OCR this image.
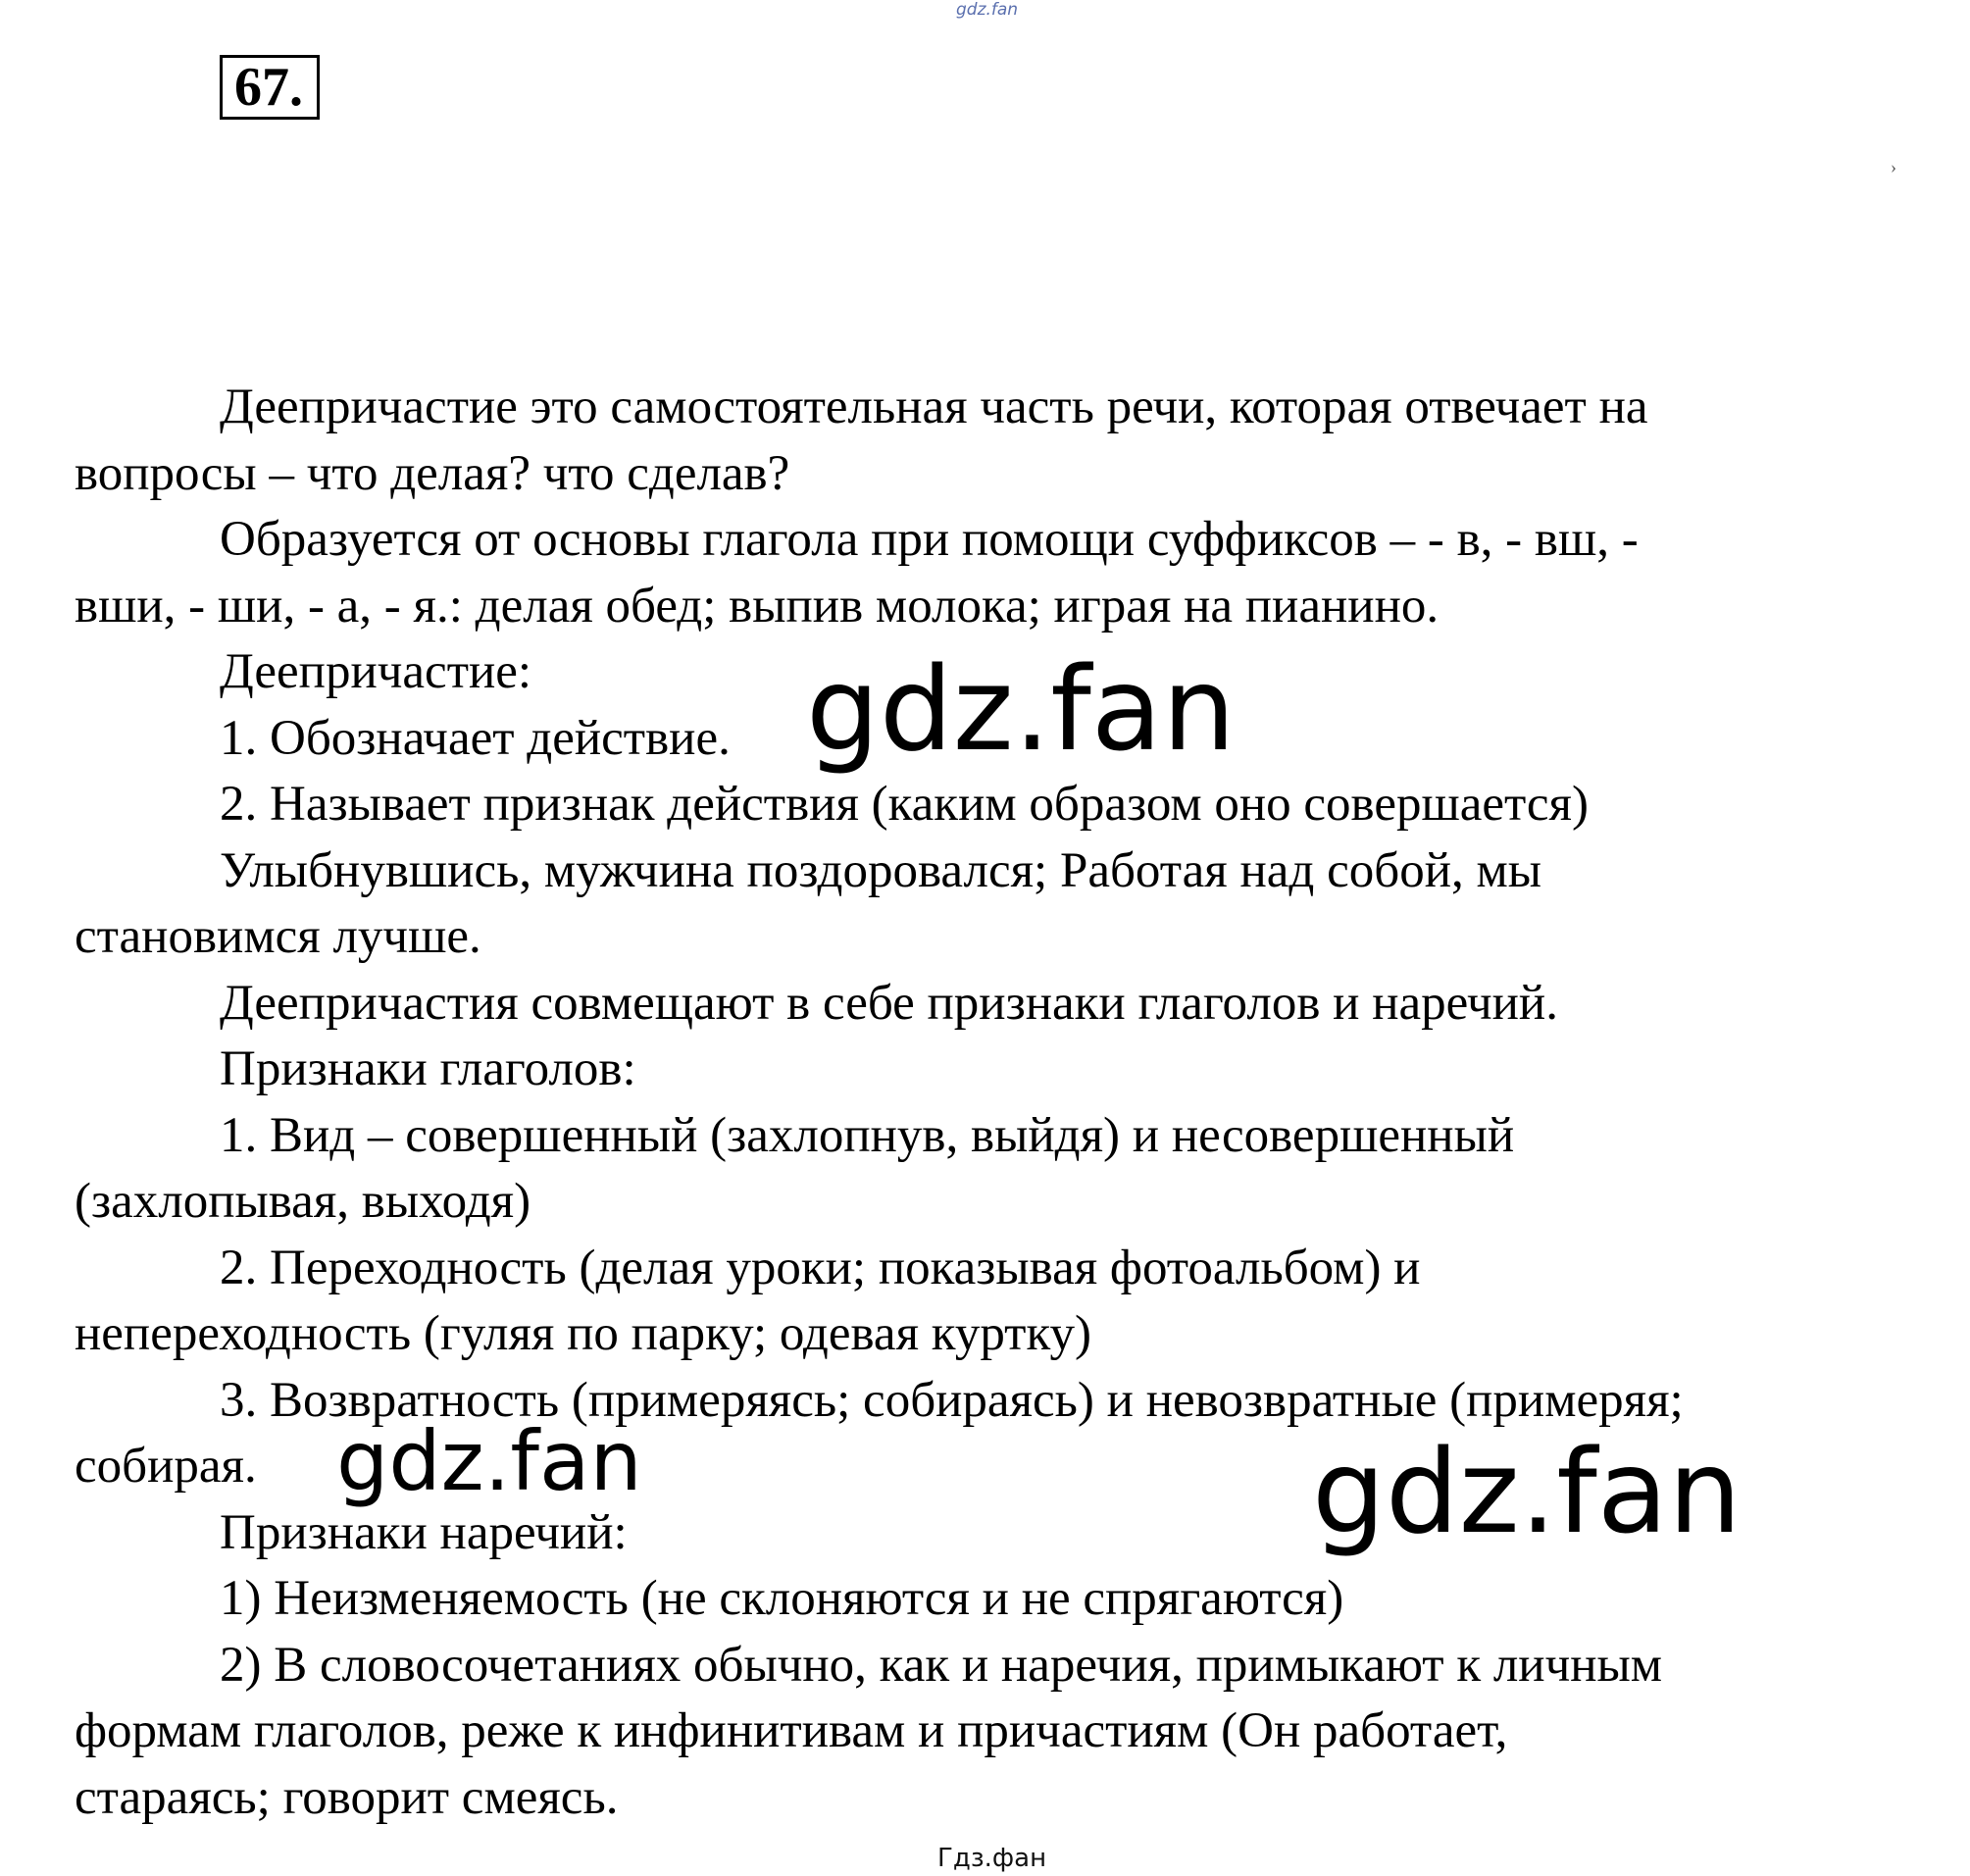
gdz.fan
67.
›
Деепричастие это самостоятельная часть речи, которая отвечает на
вопросы – что делая? что сделав?
Образуется от основы глагола при помощи суффиксов – - в, - вш, -
вши, - ши, - а, - я.: делая обед; выпив молока; играя на пианино.
Деепричастие:
1. Обозначает действие.
2. Называет признак действия (каким образом оно совершается)
Улыбнувшись, мужчина поздоровался; Работая над собой, мы
становимся лучше.
Деепричастия совмещают в себе признаки глаголов и наречий.
Признаки глаголов:
1. Вид – совершенный (захлопнув, выйдя) и несовершенный
(захлопывая, выходя)
2. Переходность (делая уроки; показывая фотоальбом) и
непереходность (гуляя по парку; одевая куртку)
3. Возвратность (примеряясь; собираясь) и невозвратные (примеряя;
собирая.
Признаки наречий:
1) Неизменяемость (не склоняются и не спрягаются)
2) В словосочетаниях обычно, как и наречия, примыкают к личным
формам глаголов, реже к инфинитивам и причастиям (Он работает,
стараясь; говорит смеясь.
gdz.fan
gdz.fan	gdz.fan
Гдз.фан
